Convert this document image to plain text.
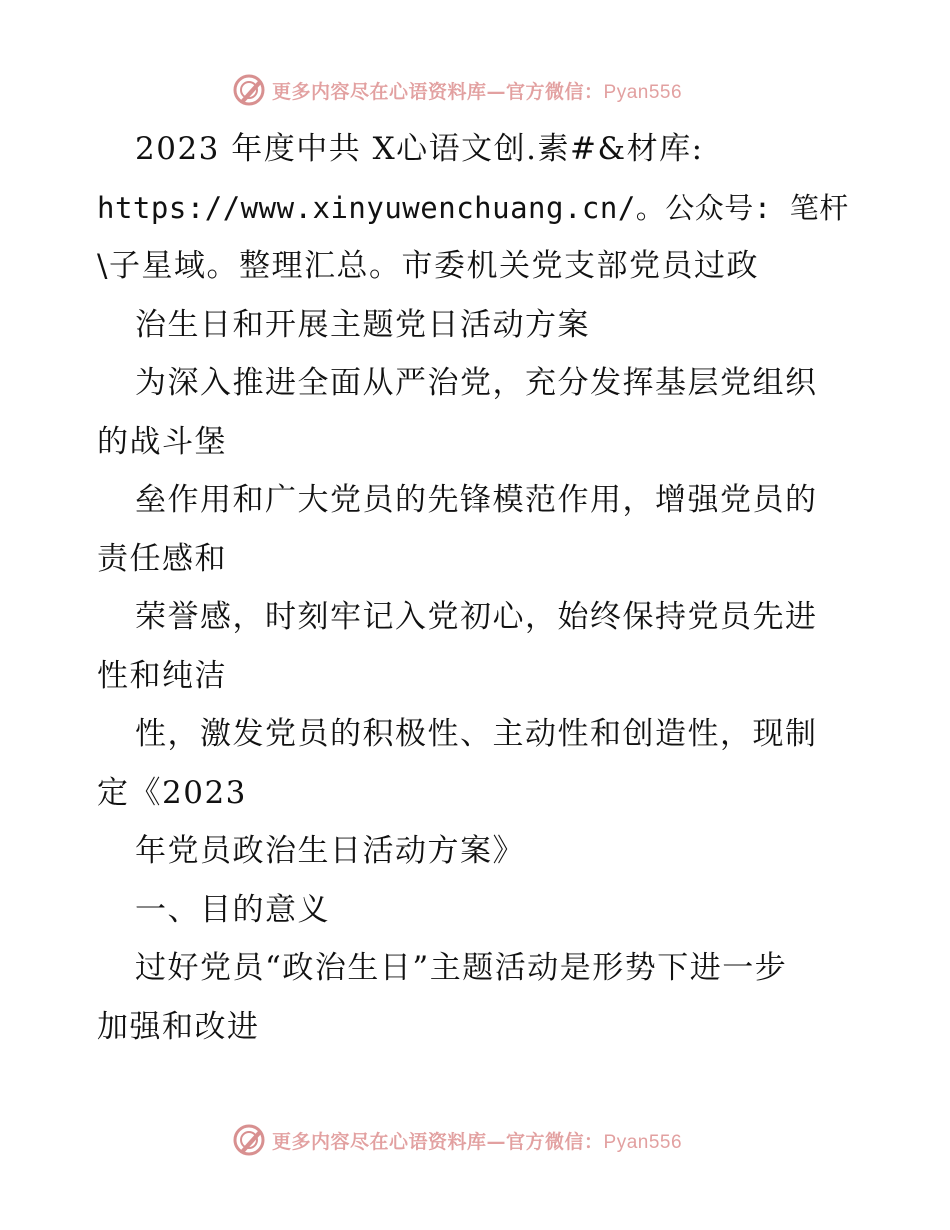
更多内容尽在心语资料库—官方微信：Pyan556
2023 年度中共 X心语文创.素#&材库:
https://www.xinyuwenchuang.cn/。公众号: 笔杆
\子星域。整理汇总。市委机关党支部党员过政
治生日和开展主题党日活动方案
为深入推进全面从严治党，充分发挥基层党组织
的战斗堡
垒作用和广大党员的先锋模范作用，增强党员的
责任感和
荣誉感，时刻牢记入党初心，始终保持党员先进
性和纯洁
性，激发党员的积极性、主动性和创造性，现制
定《2023
年党员政治生日活动方案》
一、目的意义
过好党员“政治生日”主题活动是形势下进一步
加强和改进
更多内容尽在心语资料库—官方微信：Pyan556
